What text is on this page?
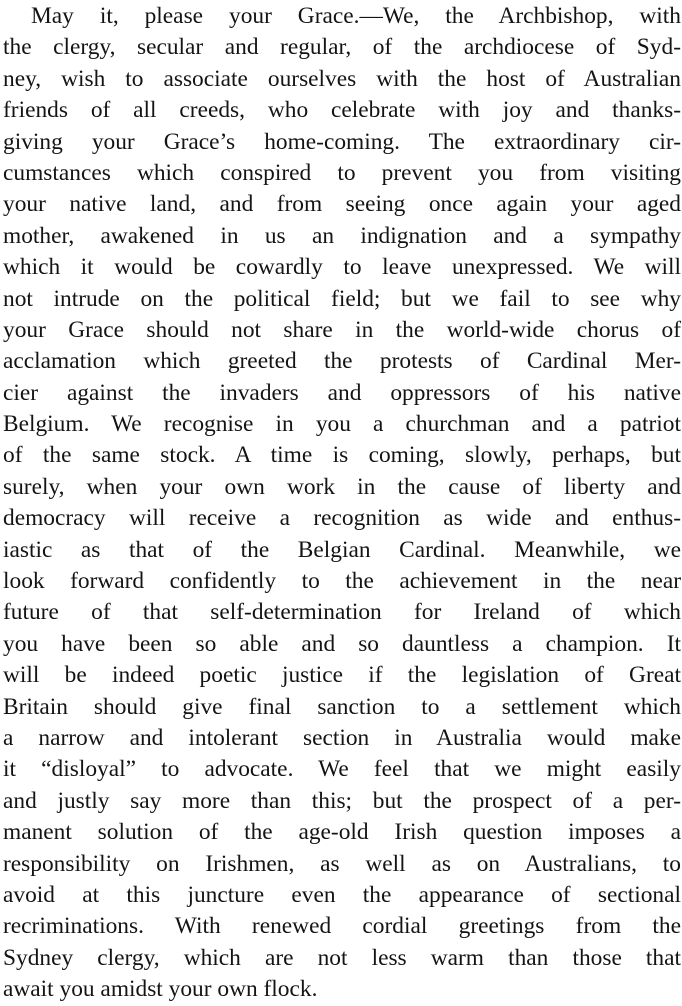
May it, please your Grace.—We, the Archbishop, with
the clergy, secular and regular, of the archdiocese of Syd-
ney, wish to associate ourselves with the host of Australian
friends of all creeds, who celebrate with joy and thanks-
giving your Grace’s home-coming. The extraordinary cir-
cumstances which conspired to prevent you from visiting
your native land, and from seeing once again your aged
mother, awakened in us an indignation and a sympathy
which it would be cowardly to leave unexpressed. We will
not intrude on the political field; but we fail to see why
your Grace should not share in the world-wide chorus of
acclamation which greeted the protests of Cardinal Mer-
cier against the invaders and oppressors of his native
Belgium. We recognise in you a churchman and a patriot
of the same stock. A time is coming, slowly, perhaps, but
surely, when your own work in the cause of liberty and
democracy will receive a recognition as wide and enthus-
iastic as that of the Belgian Cardinal. Meanwhile, we
look forward confidently to the achievement in the near
future of that self-determination for Ireland of which
you have been so able and so dauntless a champion. It
will be indeed poetic justice if the legislation of Great
Britain should give final sanction to a settlement which
a narrow and intolerant section in Australia would make
it “disloyal” to advocate. We feel that we might easily
and justly say more than this; but the prospect of a per-
manent solution of the age-old Irish question imposes a
responsibility on Irishmen, as well as on Australians, to
avoid at this juncture even the appearance of sectional
recriminations. With renewed cordial greetings from the
Sydney clergy, which are not less warm than those that
await you amidst your own flock.
